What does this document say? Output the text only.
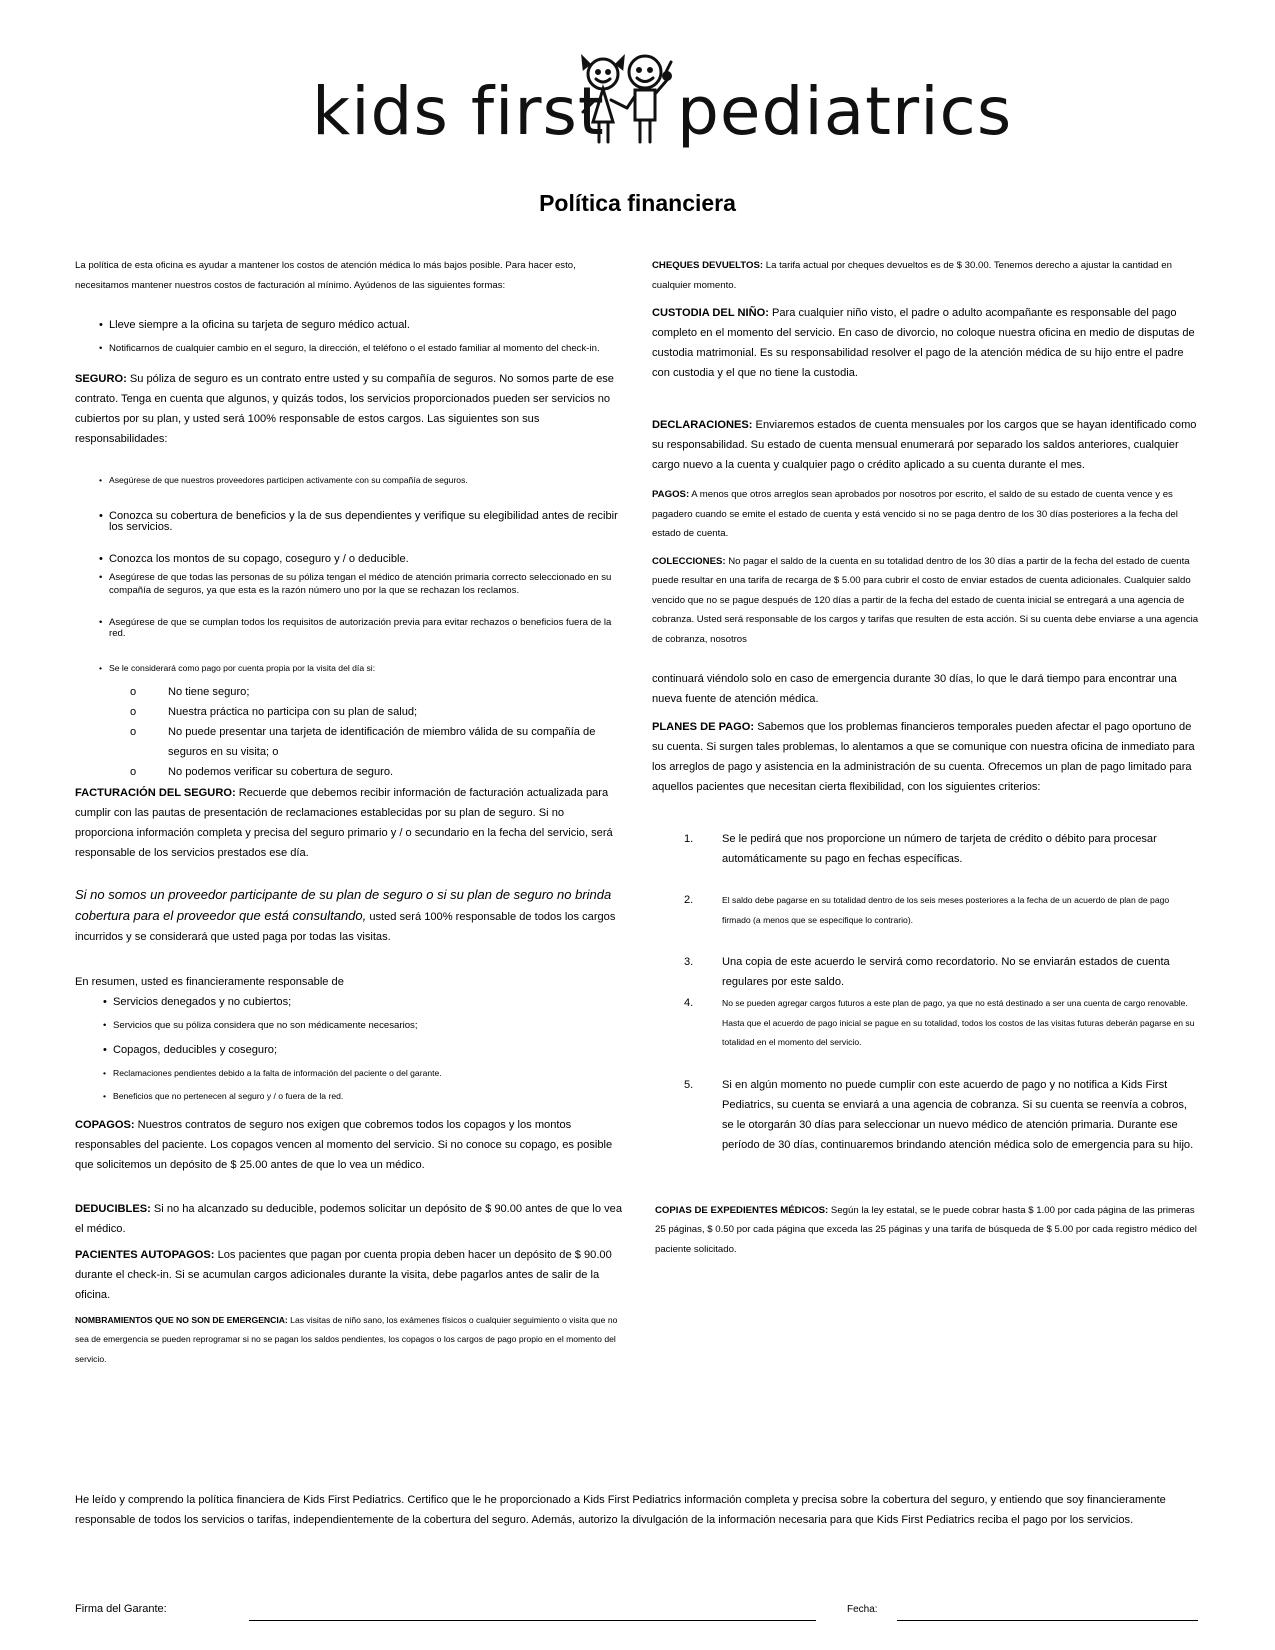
kids first pediatrics
Política financiera

La política de esta oficina es ayudar a mantener los costos de atención médica lo más bajos posible. Para hacer esto, necesitamos mantener nuestros costos de facturación al mínimo. Ayúdenos de las siguientes formas:

• Lleve siempre a la oficina su tarjeta de seguro médico actual.
• Notificarnos de cualquier cambio en el seguro, la dirección, el teléfono o el estado familiar al momento del check-in.

SEGURO: Su póliza de seguro es un contrato entre usted y su compañía de seguros. No somos parte de ese contrato. Tenga en cuenta que algunos, y quizás todos, los servicios proporcionados pueden ser servicios no cubiertos por su plan, y usted será 100% responsable de estos cargos. Las siguientes son sus responsabilidades:

• Asegúrese de que nuestros proveedores participen activamente con su compañía de seguros.
• Conozca su cobertura de beneficios y la de sus dependientes y verifique su elegibilidad antes de recibir los servicios.
• Conozca los montos de su copago, coseguro y / o deducible.
• Asegúrese de que todas las personas de su póliza tengan el médico de atención primaria correcto seleccionado en su compañía de seguros, ya que esta es la razón número uno por la que se rechazan los reclamos.
• Asegúrese de que se cumplan todos los requisitos de autorización previa para evitar rechazos o beneficios fuera de la red.
• Se le considerará como pago por cuenta propia por la visita del día si:
o No tiene seguro;
o Nuestra práctica no participa con su plan de salud;
o No puede presentar una tarjeta de identificación de miembro válida de su compañía de seguros en su visita; o
o No podemos verificar su cobertura de seguro.

FACTURACIÓN DEL SEGURO: Recuerde que debemos recibir información de facturación actualizada para cumplir con las pautas de presentación de reclamaciones establecidas por su plan de seguro. Si no proporciona información completa y precisa del seguro primario y / o secundario en la fecha del servicio, será responsable de los servicios prestados ese día.

Si no somos un proveedor participante de su plan de seguro o si su plan de seguro no brinda cobertura para el proveedor que está consultando, usted será 100% responsable de todos los cargos incurridos y se considerará que usted paga por todas las visitas.

En resumen, usted es financieramente responsable de

• Servicios denegados y no cubiertos;
• Servicios que su póliza considera que no son médicamente necesarios;
• Copagos, deducibles y coseguro;
• Reclamaciones pendientes debido a la falta de información del paciente o del garante.
• Beneficios que no pertenecen al seguro y / o fuera de la red.

COPAGOS: Nuestros contratos de seguro nos exigen que cobremos todos los copagos y los montos responsables del paciente. Los copagos vencen al momento del servicio. Si no conoce su copago, es posible que solicitemos un depósito de $ 25.00 antes de que lo vea un médico.

DEDUCIBLES: Si no ha alcanzado su deducible, podemos solicitar un depósito de $ 90.00 antes de que lo vea el médico.

PACIENTES AUTOPAGOS: Los pacientes que pagan por cuenta propia deben hacer un depósito de $ 90.00 durante el check-in. Si se acumulan cargos adicionales durante la visita, debe pagarlos antes de salir de la oficina.

NOMBRAMIENTOS QUE NO SON DE EMERGENCIA: Las visitas de niño sano, los exámenes físicos o cualquier seguimiento o visita que no sea de emergencia se pueden reprogramar si no se pagan los saldos pendientes, los copagos o los cargos de pago propio en el momento del servicio.

CHEQUES DEVUELTOS: La tarifa actual por cheques devueltos es de $ 30.00. Tenemos derecho a ajustar la cantidad en cualquier momento.

CUSTODIA DEL NIÑO: Para cualquier niño visto, el padre o adulto acompañante es responsable del pago completo en el momento del servicio. En caso de divorcio, no coloque nuestra oficina en medio de disputas de custodia matrimonial. Es su responsabilidad resolver el pago de la atención médica de su hijo entre el padre con custodia y el que no tiene la custodia.

DECLARACIONES: Enviaremos estados de cuenta mensuales por los cargos que se hayan identificado como su responsabilidad. Su estado de cuenta mensual enumerará por separado los saldos anteriores, cualquier cargo nuevo a la cuenta y cualquier pago o crédito aplicado a su cuenta durante el mes.

PAGOS: A menos que otros arreglos sean aprobados por nosotros por escrito, el saldo de su estado de cuenta vence y es pagadero cuando se emite el estado de cuenta y está vencido si no se paga dentro de los 30 días posteriores a la fecha del estado de cuenta.

COLECCIONES: No pagar el saldo de la cuenta en su totalidad dentro de los 30 días a partir de la fecha del estado de cuenta puede resultar en una tarifa de recarga de $ 5.00 para cubrir el costo de enviar estados de cuenta adicionales. Cualquier saldo vencido que no se pague después de 120 días a partir de la fecha del estado de cuenta inicial se entregará a una agencia de cobranza. Usted será responsable de los cargos y tarifas que resulten de esta acción. Si su cuenta debe enviarse a una agencia de cobranza, nosotros

continuará viéndolo solo en caso de emergencia durante 30 días, lo que le dará tiempo para encontrar una nueva fuente de atención médica.

PLANES DE PAGO: Sabemos que los problemas financieros temporales pueden afectar el pago oportuno de su cuenta. Si surgen tales problemas, lo alentamos a que se comunique con nuestra oficina de inmediato para los arreglos de pago y asistencia en la administración de su cuenta. Ofrecemos un plan de pago limitado para aquellos pacientes que necesitan cierta flexibilidad, con los siguientes criterios:

1.	Se le pedirá que nos proporcione un número de tarjeta de crédito o débito para procesar automáticamente su pago en fechas específicas.
2.	El saldo debe pagarse en su totalidad dentro de los seis meses posteriores a la fecha de un acuerdo de plan de pago firmado (a menos que se especifique lo contrario).
3.	Una copia de este acuerdo le servirá como recordatorio. No se enviarán estados de cuenta regulares por este saldo.
4.	No se pueden agregar cargos futuros a este plan de pago, ya que no está destinado a ser una cuenta de cargo renovable. Hasta que el acuerdo de pago inicial se pague en su totalidad, todos los costos de las visitas futuras deberán pagarse en su totalidad en el momento del servicio.
5.	Si en algún momento no puede cumplir con este acuerdo de pago y no notifica a Kids First Pediatrics, su cuenta se enviará a una agencia de cobranza. Si su cuenta se reenvía a cobros, se le otorgarán 30 días para seleccionar un nuevo médico de atención primaria. Durante ese período de 30 días, continuaremos brindando atención médica solo de emergencia para su hijo.

COPIAS DE EXPEDIENTES MÉDICOS: Según la ley estatal, se le puede cobrar hasta $ 1.00 por cada página de las primeras 25 páginas, $ 0.50 por cada página que exceda las 25 páginas y una tarifa de búsqueda de $ 5.00 por cada registro médico del paciente solicitado.

He leído y comprendo la política financiera de Kids First Pediatrics. Certifico que le he proporcionado a Kids First Pediatrics información completa y precisa sobre la cobertura del seguro, y entiendo que soy financieramente responsable de todos los servicios o tarifas, independientemente de la cobertura del seguro. Además, autorizo la divulgación de la información necesaria para que Kids First Pediatrics reciba el pago por los servicios.

Firma del Garante:	Fecha:
